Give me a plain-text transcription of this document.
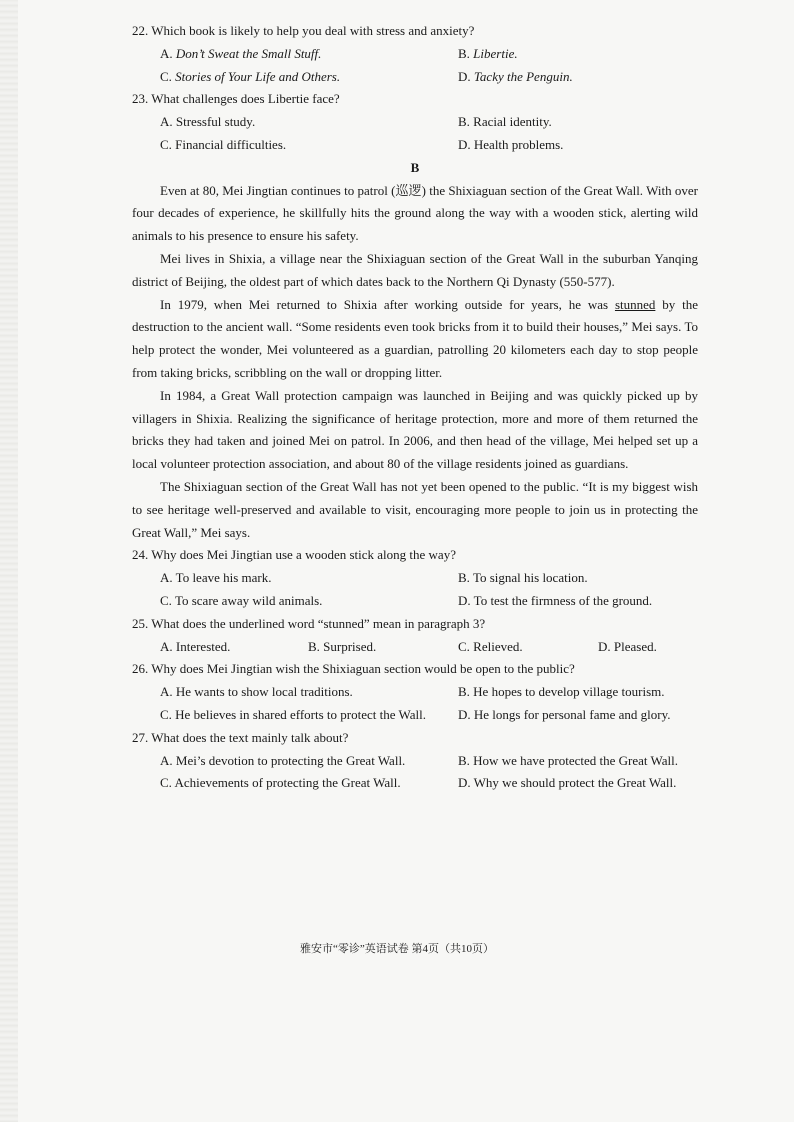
22. Which book is likely to help you deal with stress and anxiety?

A. Don’t Sweat the Small Stuff.	B. Libertie.
C. Stories of Your Life and Others.	D. Tacky the Penguin.

23. What challenges does Libertie face?

A. Stressful study.	B. Racial identity.
C. Financial difficulties.	D. Health problems.

B

Even at 80, Mei Jingtian continues to patrol (巡逻) the Shixiaguan section of the Great Wall. With over four decades of experience, he skillfully hits the ground along the way with a wooden stick, alerting wild animals to his presence to ensure his safety.

Mei lives in Shixia, a village near the Shixiaguan section of the Great Wall in the suburban Yanqing district of Beijing, the oldest part of which dates back to the Northern Qi Dynasty (550-577).

In 1979, when Mei returned to Shixia after working outside for years, he was stunned by the destruction to the ancient wall. “Some residents even took bricks from it to build their houses,” Mei says. To help protect the wonder, Mei volunteered as a guardian, patrolling 20 kilometers each day to stop people from taking bricks, scribbling on the wall or dropping litter.

In 1984, a Great Wall protection campaign was launched in Beijing and was quickly picked up by villagers in Shixia. Realizing the significance of heritage protection, more and more of them returned the bricks they had taken and joined Mei on patrol. In 2006, and then head of the village, Mei helped set up a local volunteer protection association, and about 80 of the village residents joined as guardians.

The Shixiaguan section of the Great Wall has not yet been opened to the public. “It is my biggest wish to see heritage well-preserved and available to visit, encouraging more people to join us in protecting the Great Wall,” Mei says.

24. Why does Mei Jingtian use a wooden stick along the way?

A. To leave his mark.	B. To signal his location.
C. To scare away wild animals.	D. To test the firmness of the ground.

25. What does the underlined word “stunned” mean in paragraph 3?

A. Interested.	B. Surprised.	C. Relieved.	D. Pleased.

26. Why does Mei Jingtian wish the Shixiaguan section would be open to the public?

A. He wants to show local traditions.	B. He hopes to develop village tourism.
C. He believes in shared efforts to protect the Wall.	D. He longs for personal fame and glory.

27. What does the text mainly talk about?

A. Mei’s devotion to protecting the Great Wall.	B. How we have protected the Great Wall.
C. Achievements of protecting the Great Wall.	D. Why we should protect the Great Wall.
雅安市“零诊”英语试卷 第4页（共10页）
